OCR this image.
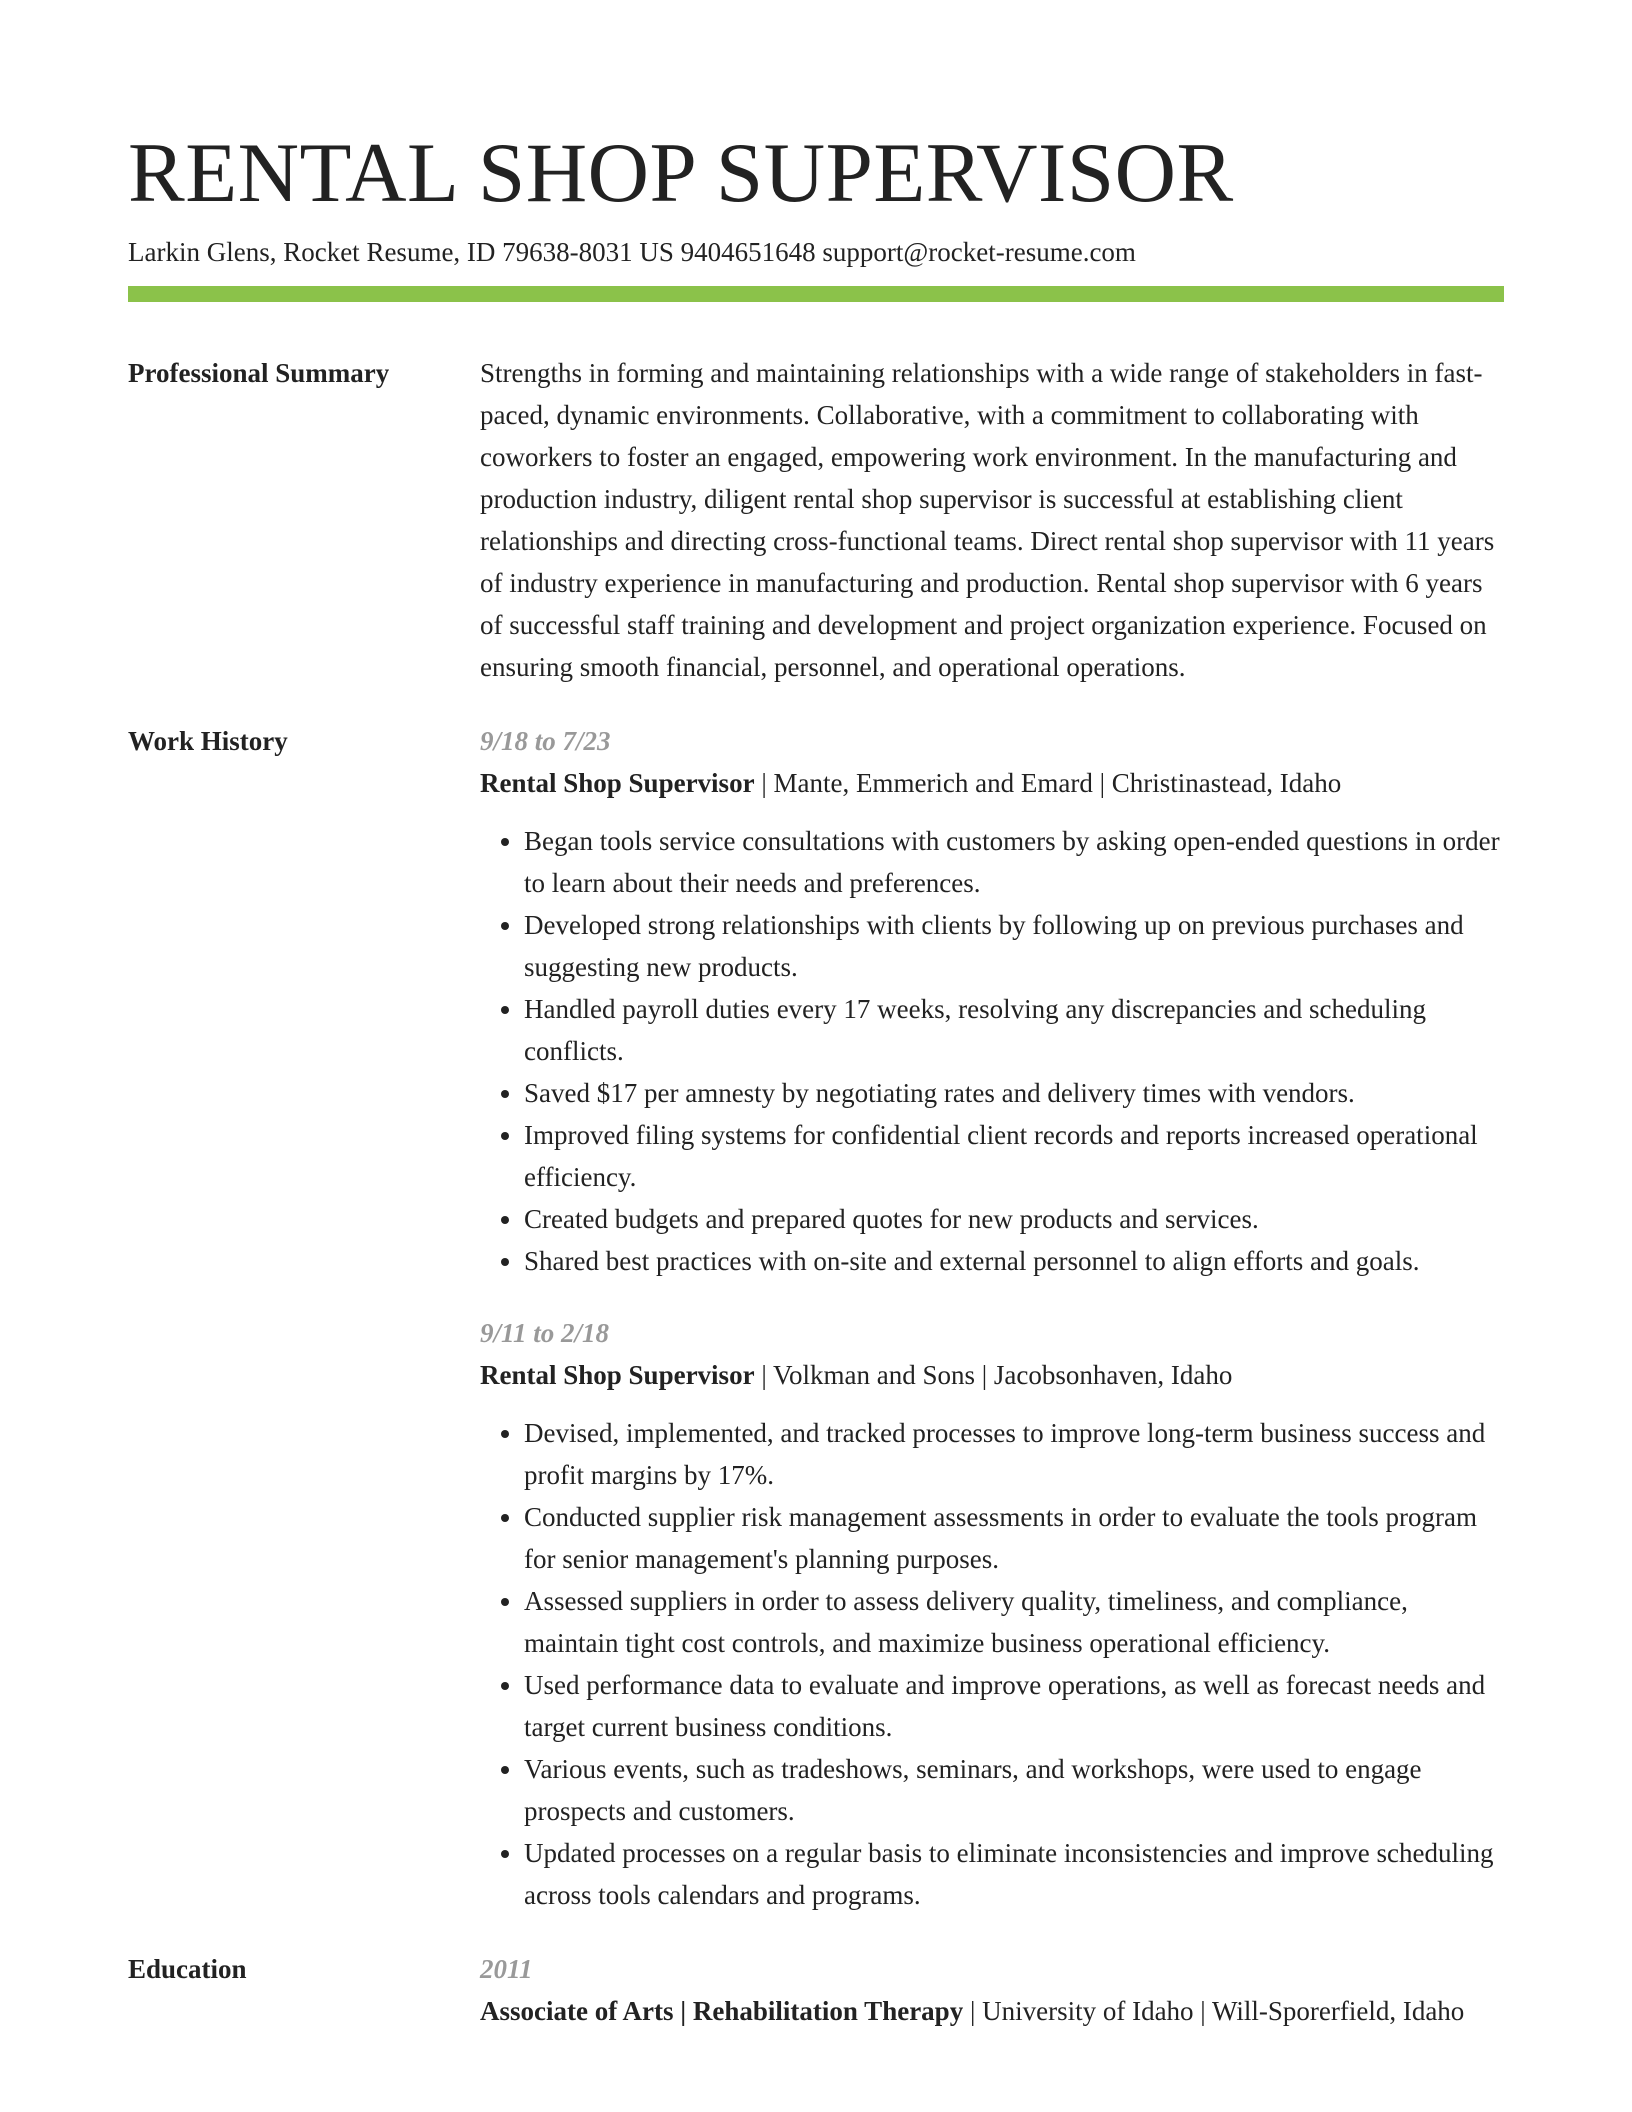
RENTAL SHOP SUPERVISOR
Larkin Glens, Rocket Resume, ID 79638-8031 US 9404651648 support@rocket-resume.com
Professional Summary	Strengths in forming and maintaining relationships with a wide range of stakeholders in fast-paced, dynamic environments. Collaborative, with a commitment to collaborating with coworkers to foster an engaged, empowering work environment. In the manufacturing and production industry, diligent rental shop supervisor is successful at establishing client relationships and directing cross-functional teams. Direct rental shop supervisor with 11 years of industry experience in manufacturing and production. Rental shop supervisor with 6 years of successful staff training and development and project organization experience. Focused on ensuring smooth financial, personnel, and operational operations.

Work History	9/18 to 7/23
Rental Shop Supervisor | Mante, Emmerich and Emard | Christinastead, Idaho
• Began tools service consultations with customers by asking open-ended questions in order to learn about their needs and preferences.
• Developed strong relationships with clients by following up on previous purchases and suggesting new products.
• Handled payroll duties every 17 weeks, resolving any discrepancies and scheduling conflicts.
• Saved $17 per amnesty by negotiating rates and delivery times with vendors.
• Improved filing systems for confidential client records and reports increased operational efficiency.
• Created budgets and prepared quotes for new products and services.
• Shared best practices with on-site and external personnel to align efforts and goals.
9/11 to 2/18
Rental Shop Supervisor | Volkman and Sons | Jacobsonhaven, Idaho
• Devised, implemented, and tracked processes to improve long-term business success and profit margins by 17%.
• Conducted supplier risk management assessments in order to evaluate the tools program for senior management's planning purposes.
• Assessed suppliers in order to assess delivery quality, timeliness, and compliance, maintain tight cost controls, and maximize business operational efficiency.
• Used performance data to evaluate and improve operations, as well as forecast needs and target current business conditions.
• Various events, such as tradeshows, seminars, and workshops, were used to engage prospects and customers.
• Updated processes on a regular basis to eliminate inconsistencies and improve scheduling across tools calendars and programs.
Education	2011
Associate of Arts | Rehabilitation Therapy | University of Idaho | Will-Sporerfield, Idaho
